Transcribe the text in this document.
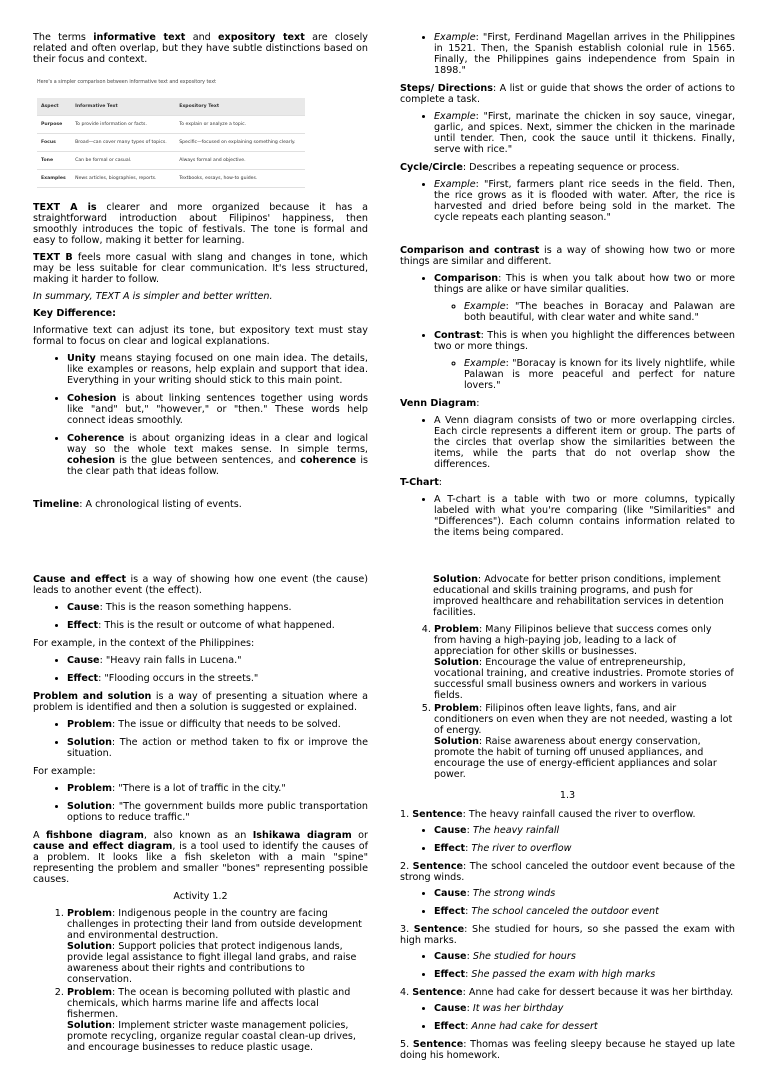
The terms informative text and expository text are closely related and often overlap, but they have subtle distinctions based on their focus and context.

Here's a simpler comparison between informative text and expository text
Aspect	Informative Text	Expository Text
Purpose	To provide information or facts.	To explain or analyze a topic.
Focus	Broad—can cover many types of topics.	Specific—focused on explaining something clearly.
Tone	Can be formal or casual.	Always formal and objective.
Examples	News articles, biographies, reports.	Textbooks, essays, how-to guides.

TEXT A is clearer and more organized because it has a straightforward introduction about Filipinos' happiness, then smoothly introduces the topic of festivals. The tone is formal and easy to follow, making it better for learning.

TEXT B feels more casual with slang and changes in tone, which may be less suitable for clear communication. It's less structured, making it harder to follow.

In summary, TEXT A is simpler and better written.

Key Difference:

Informative text can adjust its tone, but expository text must stay formal to focus on clear and logical explanations.

• Unity means staying focused on one main idea. The details, like examples or reasons, help explain and support that idea. Everything in your writing should stick to this main point.
• Cohesion is about linking sentences together using words like "and" but," "however," or "then." These words help connect ideas smoothly.
• Coherence is about organizing ideas in a clear and logical way so the whole text makes sense. In simple terms, cohesion is the glue between sentences, and coherence is the clear path that ideas follow.

Timeline: A chronological listing of events.

• Example: "First, Ferdinand Magellan arrives in the Philippines in 1521. Then, the Spanish establish colonial rule in 1565. Finally, the Philippines gains independence from Spain in 1898."

Steps/ Directions: A list or guide that shows the order of actions to complete a task.

• Example: "First, marinate the chicken in soy sauce, vinegar, garlic, and spices. Next, simmer the chicken in the marinade until tender. Then, cook the sauce until it thickens. Finally, serve with rice."

Cycle/Circle: Describes a repeating sequence or process.

• Example: "First, farmers plant rice seeds in the field. Then, the rice grows as it is flooded with water. After, the rice is harvested and dried before being sold in the market. The cycle repeats each planting season."

Comparison and contrast is a way of showing how two or more things are similar and different.

• Comparison: This is when you talk about how two or more things are alike or have similar qualities.
◦ Example: "The beaches in Boracay and Palawan are both beautiful, with clear water and white sand."
• Contrast: This is when you highlight the differences between two or more things.
◦ Example: "Boracay is known for its lively nightlife, while Palawan is more peaceful and perfect for nature lovers."

Venn Diagram:

• A Venn diagram consists of two or more overlapping circles. Each circle represents a different item or group. The parts of the circles that overlap show the similarities between the items, while the parts that do not overlap show the differences.

T-Chart:

• A T-chart is a table with two or more columns, typically labeled with what you're comparing (like "Similarities" and "Differences"). Each column contains information related to the items being compared.

Cause and effect is a way of showing how one event (the cause) leads to another event (the effect).

• Cause: This is the reason something happens.
• Effect: This is the result or outcome of what happened.

For example, in the context of the Philippines:

• Cause: "Heavy rain falls in Lucena."
• Effect: "Flooding occurs in the streets."

Problem and solution is a way of presenting a situation where a problem is identified and then a solution is suggested or explained.

• Problem: The issue or difficulty that needs to be solved.
• Solution: The action or method taken to fix or improve the situation.

For example:

• Problem: "There is a lot of traffic in the city."
• Solution: "The government builds more public transportation options to reduce traffic."

A fishbone diagram, also known as an Ishikawa diagram or cause and effect diagram, is a tool used to identify the causes of a problem. It looks like a fish skeleton with a main "spine" representing the problem and smaller "bones" representing possible causes.

Activity 1.2

1. Problem: Indigenous people in the country are facing challenges in protecting their land from outside development and environmental destruction.
Solution: Support policies that protect indigenous lands, provide legal assistance to fight illegal land grabs, and raise awareness about their rights and contributions to conservation.
2. Problem: The ocean is becoming polluted with plastic and chemicals, which harms marine life and affects local fishermen.
Solution: Implement stricter waste management policies, promote recycling, organize regular coastal clean-up drives, and encourage businesses to reduce plastic usage.

Solution: Advocate for better prison conditions, implement educational and skills training programs, and push for improved healthcare and rehabilitation services in detention facilities.

4. Problem: Many Filipinos believe that success comes only from having a high-paying job, leading to a lack of appreciation for other skills or businesses.
Solution: Encourage the value of entrepreneurship, vocational training, and creative industries. Promote stories of successful small business owners and workers in various fields.
5. Problem: Filipinos often leave lights, fans, and air conditioners on even when they are not needed, wasting a lot of energy.
Solution: Raise awareness about energy conservation, promote the habit of turning off unused appliances, and encourage the use of energy-efficient appliances and solar power.

1.3

1. Sentence: The heavy rainfall caused the river to overflow.

• Cause: The heavy rainfall
• Effect: The river to overflow

2. Sentence: The school canceled the outdoor event because of the strong winds.

• Cause: The strong winds
• Effect: The school canceled the outdoor event

3. Sentence: She studied for hours, so she passed the exam with high marks.

• Cause: She studied for hours
• Effect: She passed the exam with high marks

4. Sentence: Anne had cake for dessert because it was her birthday.

• Cause: It was her birthday
• Effect: Anne had cake for dessert

5. Sentence: Thomas was feeling sleepy because he stayed up late doing his homework.
